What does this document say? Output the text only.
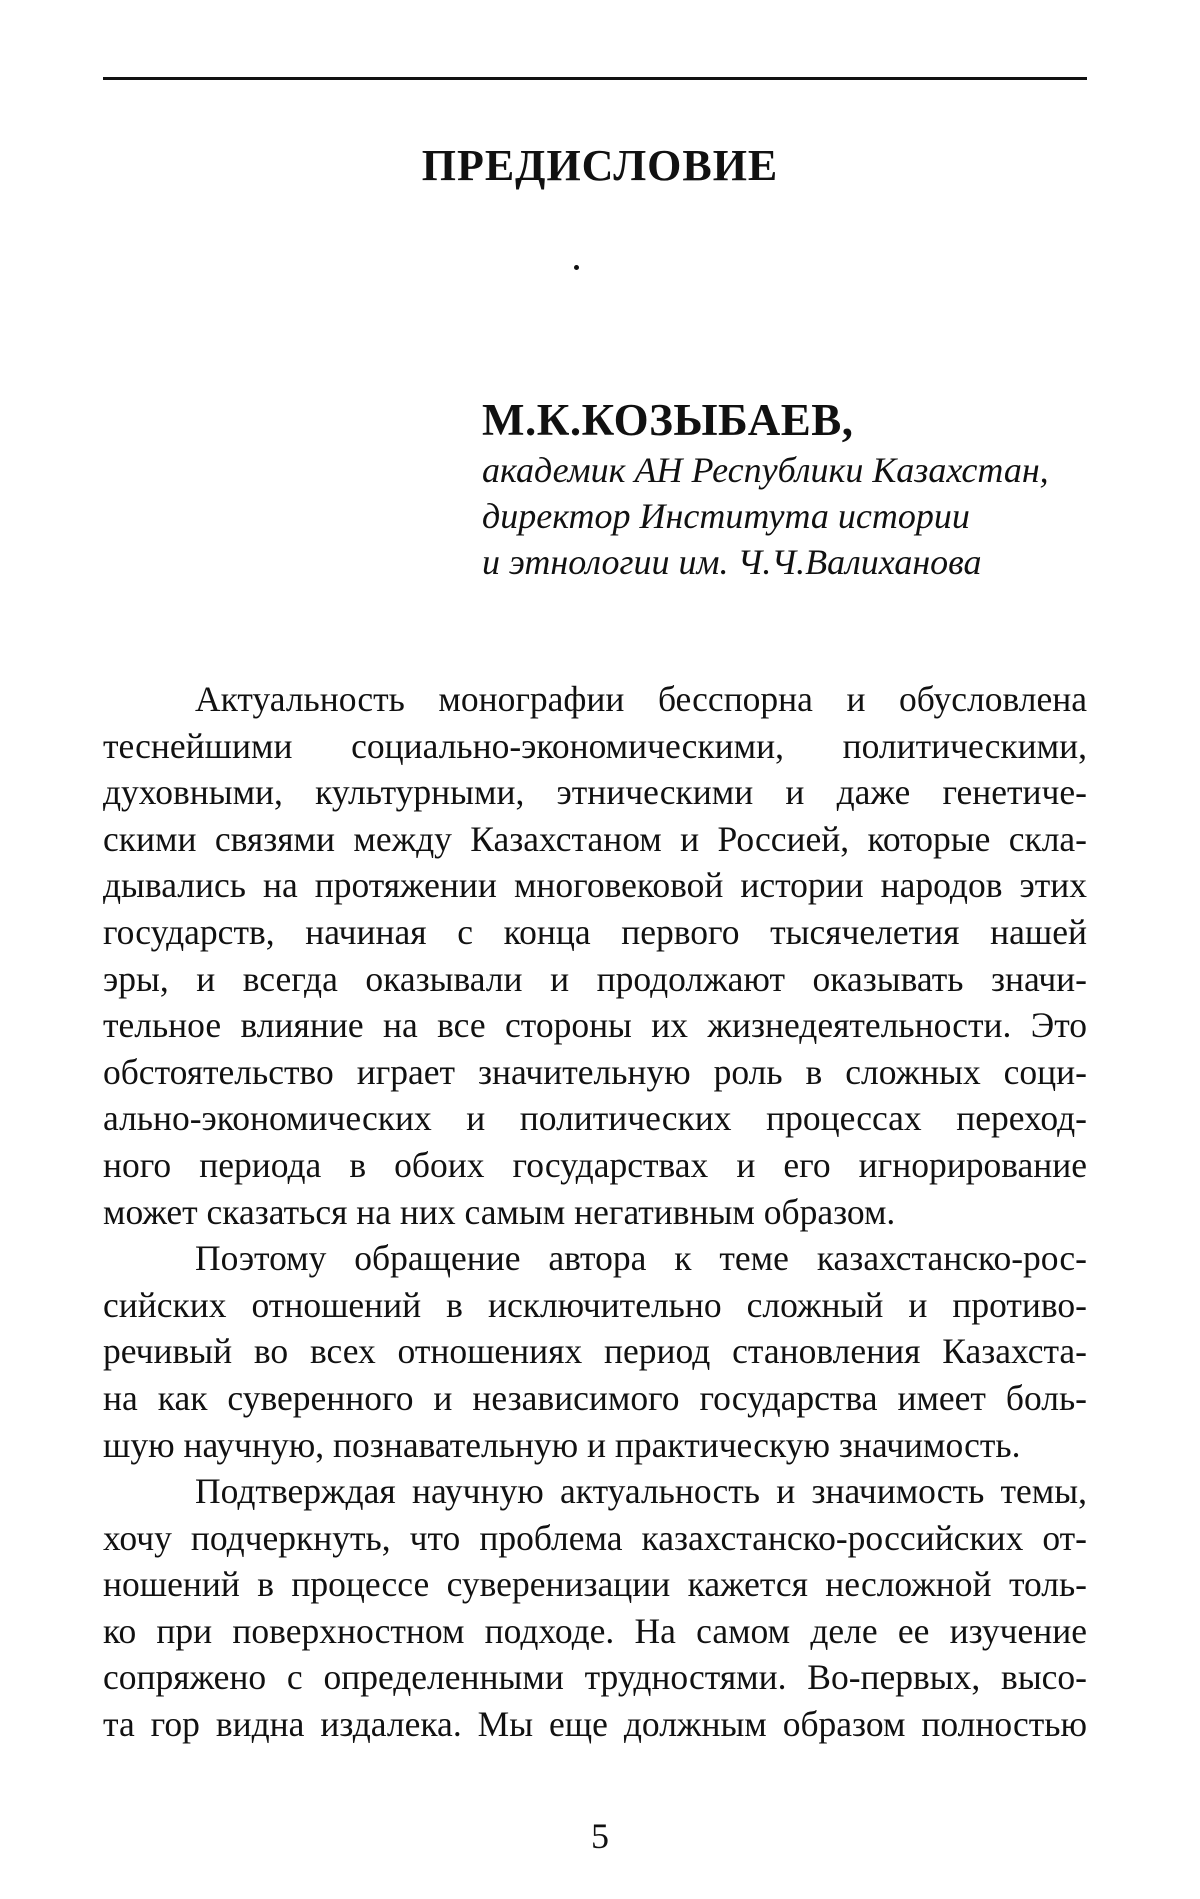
ПРЕДИСЛОВИЕ
М.К.КОЗЫБАЕВ,
академик АН Республики Казахстан,
директор Института истории
и этнологии им. Ч.Ч.Валиханова
Актуальность монографии бесспорна и обусловлена
теснейшими социально-экономическими, политическими,
духовными, культурными, этническими и даже генетиче-
скими связями между Казахстаном и Россией, которые скла-
дывались на протяжении многовековой истории народов этих
государств, начиная с конца первого тысячелетия нашей
эры, и всегда оказывали и продолжают оказывать значи-
тельное влияние на все стороны их жизнедеятельности. Это
обстоятельство играет значительную роль в сложных соци-
ально-экономических и политических процессах переход-
ного периода в обоих государствах и его игнорирование
может сказаться на них самым негативным образом.
Поэтому обращение автора к теме казахстанско-рос-
сийских отношений в исключительно сложный и противо-
речивый во всех отношениях период становления Казахста-
на как суверенного и независимого государства имеет боль-
шую научную, познавательную и практическую значимость.
Подтверждая научную актуальность и значимость темы,
хочу подчеркнуть, что проблема казахстанско-российских от-
ношений в процессе суверенизации кажется несложной толь-
ко при поверхностном подходе. На самом деле ее изучение
сопряжено с определенными трудностями. Во-первых, высо-
та гор видна издалека. Мы еще должным образом полностью
5
